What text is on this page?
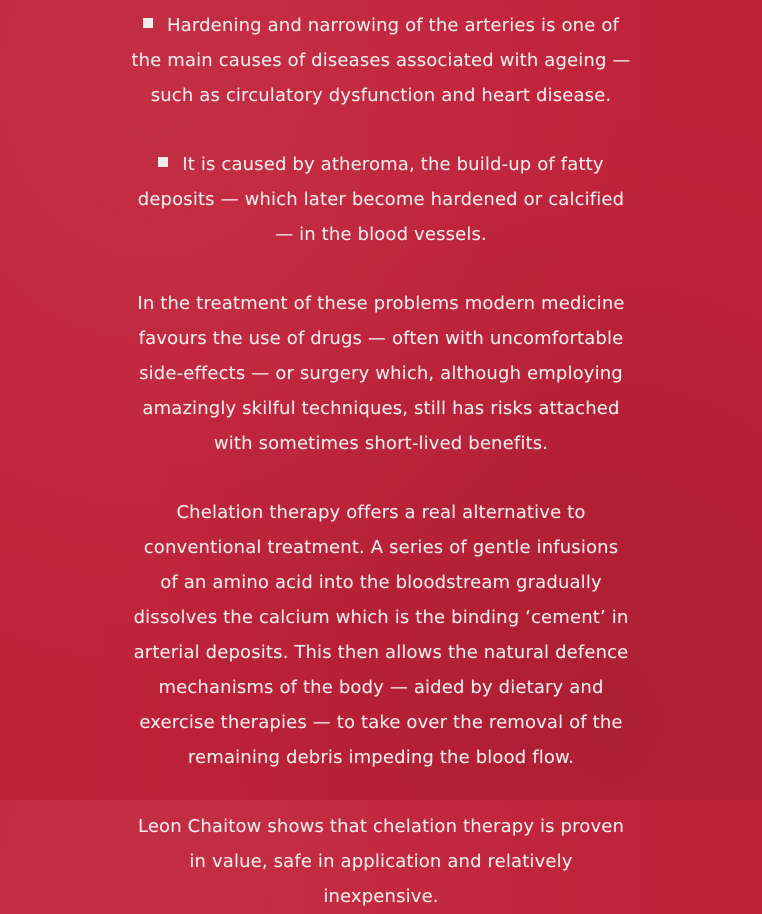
Hardening and narrowing of the arteries is one of
the main causes of diseases associated with ageing —
such as circulatory dysfunction and heart disease.

It is caused by atheroma, the build-up of fatty
deposits — which later become hardened or calcified
— in the blood vessels.

In the treatment of these problems modern medicine
favours the use of drugs — often with uncomfortable
side-effects — or surgery which, although employing
amazingly skilful techniques, still has risks attached
with sometimes short-lived benefits.

Chelation therapy offers a real alternative to
conventional treatment. A series of gentle infusions
of an amino acid into the bloodstream gradually
dissolves the calcium which is the binding ‘cement’ in
arterial deposits. This then allows the natural defence
mechanisms of the body — aided by dietary and
exercise therapies — to take over the removal of the
remaining debris impeding the blood flow.

Leon Chaitow shows that chelation therapy is proven
in value, safe in application and relatively
inexpensive.
